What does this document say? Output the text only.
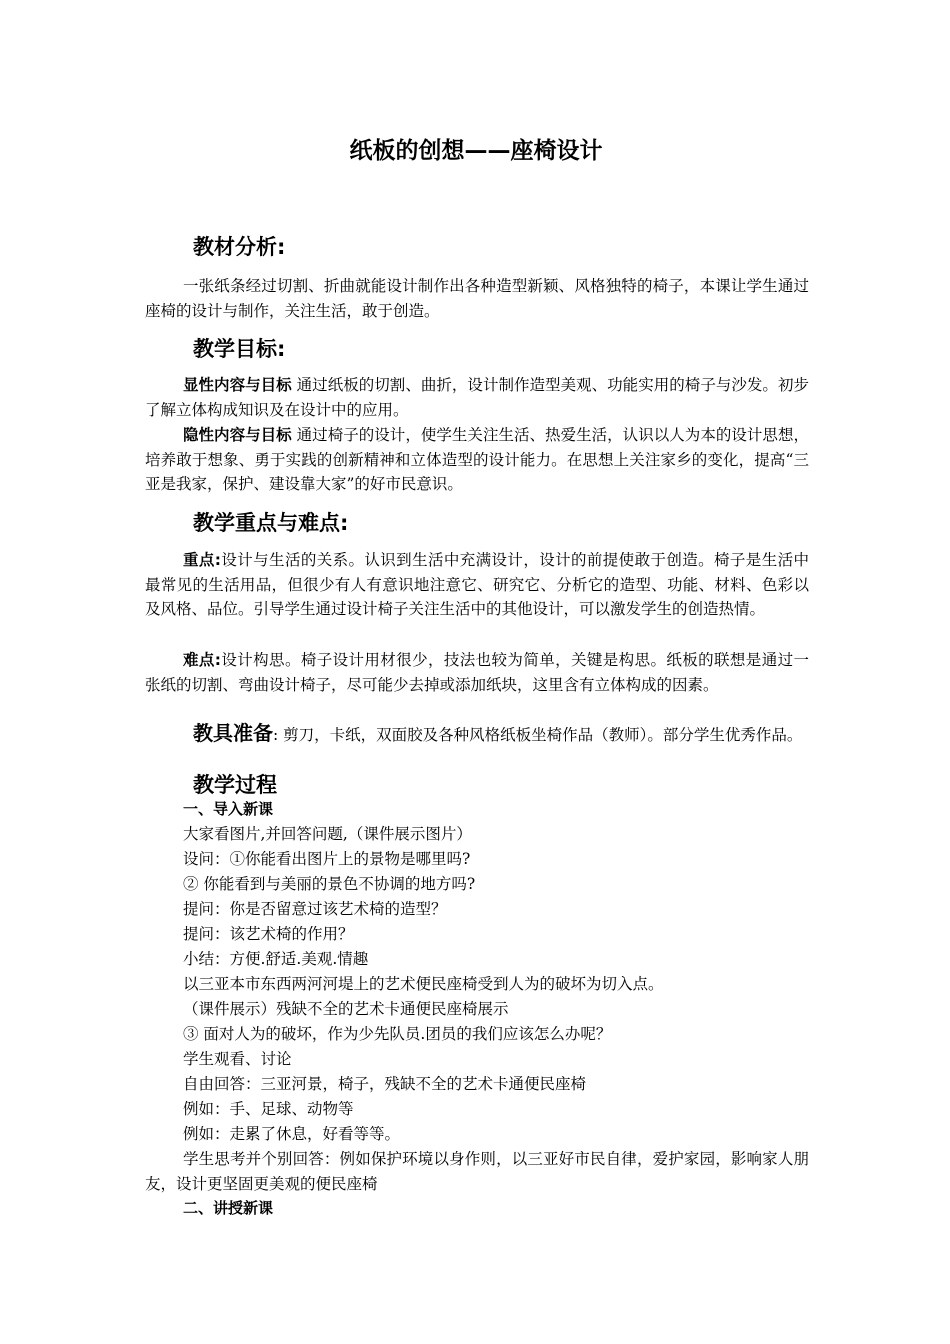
纸板的创想——座椅设计
教材分析:

一张纸条经过切割、折曲就能设计制作出各种造型新颖、风格独特的椅子，本课让学生通过座椅的设计与制作，关注生活，敢于创造。

教学目标:

显性内容与目标 通过纸板的切割、曲折，设计制作造型美观、功能实用的椅子与沙发。初步了解立体构成知识及在设计中的应用。

隐性内容与目标 通过椅子的设计，使学生关注生活、热爱生活，认识以人为本的设计思想，培养敢于想象、勇于实践的创新精神和立体造型的设计能力。在思想上关注家乡的变化，提高“三亚是我家，保护、建设靠大家”的好市民意识。

教学重点与难点:

重点:设计与生活的关系。认识到生活中充满设计，设计的前提使敢于创造。椅子是生活中最常见的生活用品，但很少有人有意识地注意它、研究它、分析它的造型、功能、材料、色彩以及风格、品位。引导学生通过设计椅子关注生活中的其他设计，可以激发学生的创造热情。

难点:设计构思。椅子设计用材很少，技法也较为简单，关键是构思。纸板的联想是通过一张纸的切割、弯曲设计椅子，尽可能少去掉或添加纸块，这里含有立体构成的因素。

教具准备: 剪刀，卡纸，双面胶及各种风格纸板坐椅作品（教师）。部分学生优秀作品。

教学过程
一、导入新课

大家看图片,并回答问题,（课件展示图片）

设问：①你能看出图片上的景物是哪里吗?

② 你能看到与美丽的景色不协调的地方吗?

提问：你是否留意过该艺术椅的造型？

提问：该艺术椅的作用？

小结：方便.舒适.美观.情趣

以三亚本市东西两河河堤上的艺术便民座椅受到人为的破坏为切入点。

（课件展示）残缺不全的艺术卡通便民座椅展示

③ 面对人为的破坏，作为少先队员.团员的我们应该怎么办呢？

学生观看、讨论

自由回答：三亚河景，椅子，残缺不全的艺术卡通便民座椅

例如：手、足球、动物等

例如：走累了休息，好看等等。

学生思考并个别回答：例如保护环境以身作则，以三亚好市民自律，爱护家园，影响家人朋友，设计更坚固更美观的便民座椅

二、讲授新课
